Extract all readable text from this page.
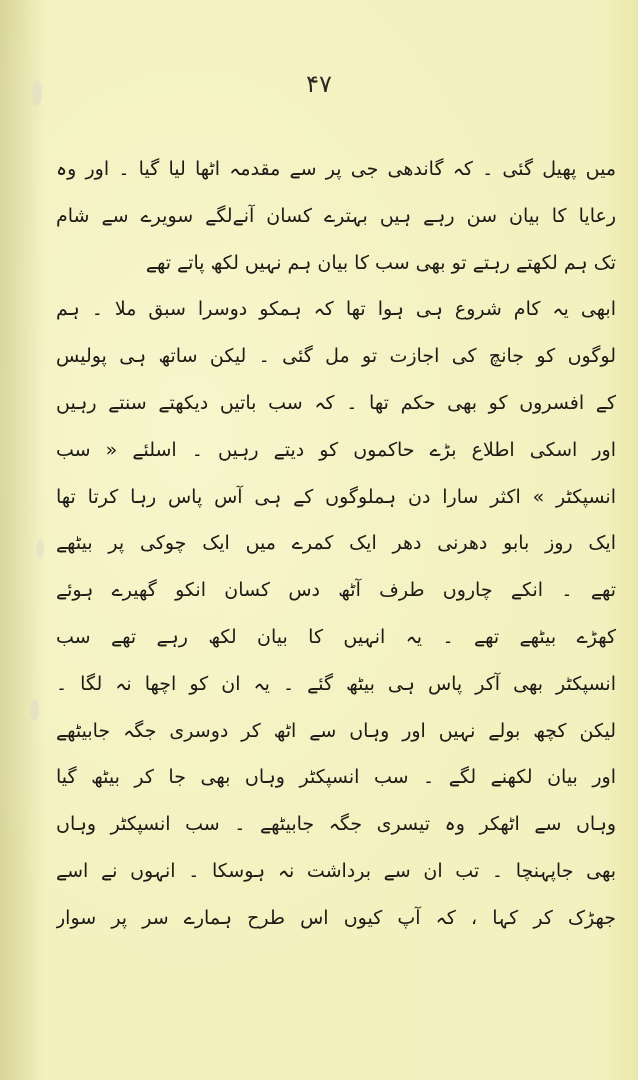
۴۷
میں پھیل گئی ۔ کہ گاندھی جی پر سے مقدمہ اٹھا لیا گیا ۔ اور وہ
رعایا کا بیان سن رہے ہیں بہترے کسان آنےلگے سویرے سے شام
تک ہم لکھتے رہتے تو بھی سب کا بیان ہم نہیں لکھ پاتے تھے
ابھی یہ کام شروع ہی ہوا تھا کہ ہمکو دوسرا سبق ملا ۔ ہم
لوگوں کو جانچ کی اجازت تو مل گئی ۔ لیکن ساتھ ہی پولیس
کے افسروں کو بھی حکم تھا ۔ کہ سب باتیں دیکھتے سنتے رہیں
اور اسکی اطلاع بڑے حاکموں کو دیتے رہیں ۔ اسلئے « سب
انسپکٹر » اکثر سارا دن ہملوگوں کے ہی آس پاس رہا کرتا تھا
ایک روز بابو دھرنی دھر ایک کمرے میں ایک چوکی پر بیٹھے
تھے ۔ انکے چاروں طرف آٹھ دس کسان انکو گھیرے ہوئے
کھڑے بیٹھے تھے ۔ یہ انہیں کا بیان لکھ رہے تھے سب
انسپکٹر بھی آکر پاس ہی بیٹھ گئے ۔ یہ ان کو اچھا نہ لگا ۔
لیکن کچھ بولے نہیں اور وہاں سے اٹھ کر دوسری جگہ جابیٹھے
اور بیان لکھنے لگے ۔ سب انسپکٹر وہاں بھی جا کر بیٹھ گیا
وہاں سے اٹھکر وہ تیسری جگہ جابیٹھے ۔ سب انسپکٹر وہاں
بھی جاپہنچا ۔ تب ان سے برداشت نہ ہوسکا ۔ انہوں نے اسے
جھڑک کر کہا ، کہ آپ کیوں اس طرح ہمارے سر پر سوار
